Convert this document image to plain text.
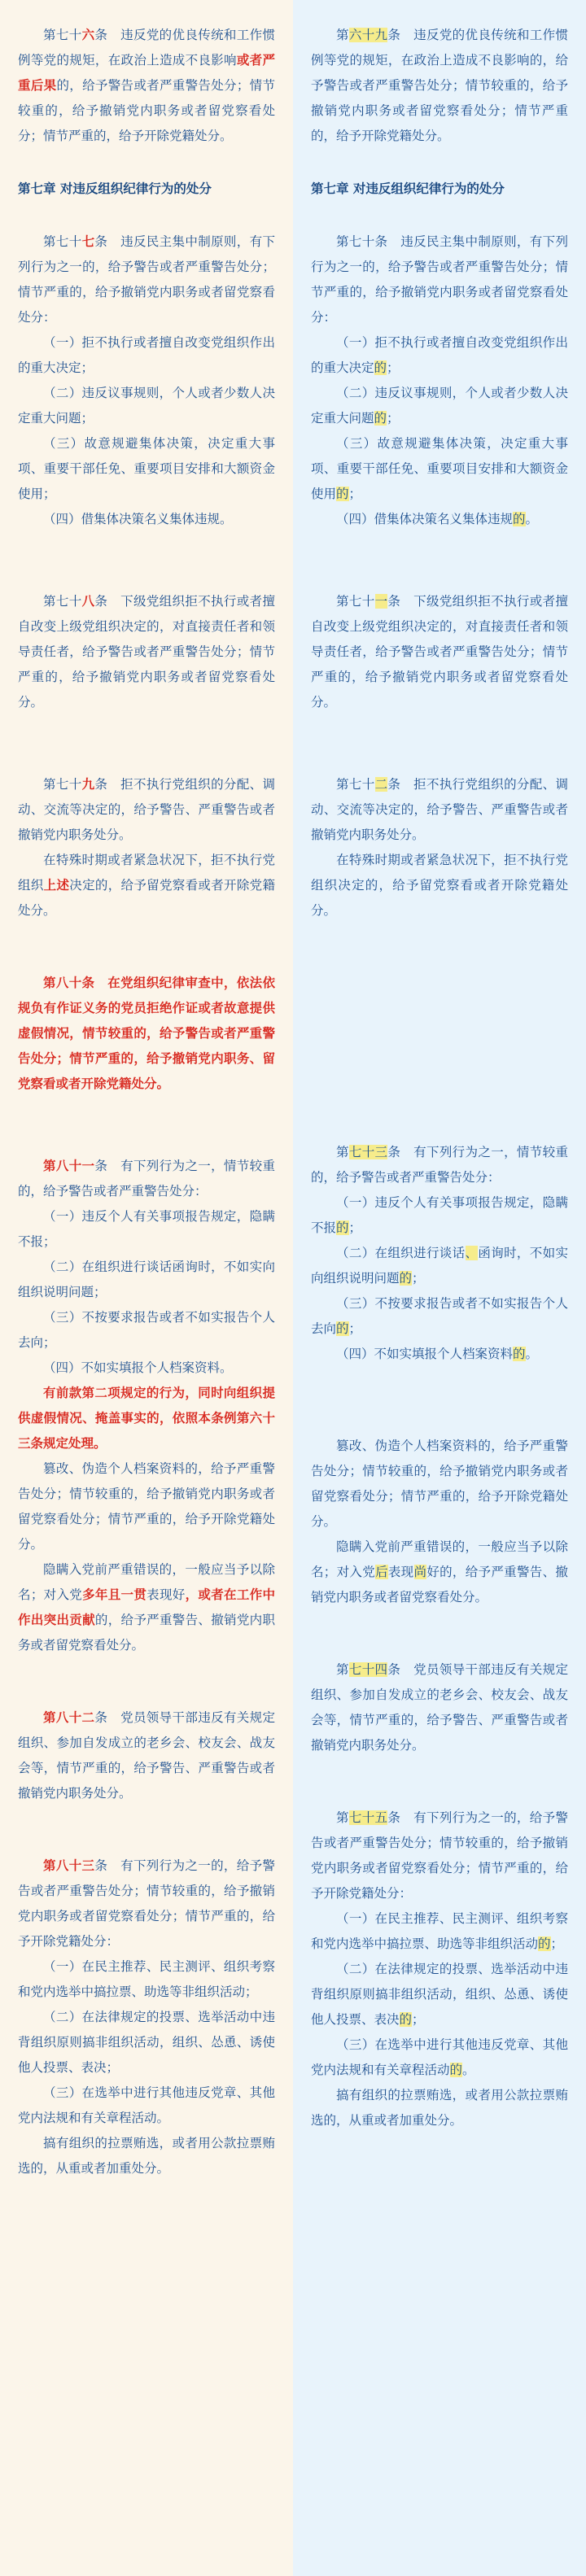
第七十六条　违反党的优良传统和工作惯例等党的规矩，在政治上造成不良影响或者严重后果的，给予警告或者严重警告处分；情节较重的，给予撤销党内职务或者留党察看处分；情节严重的，给予开除党籍处分。

第七章 对违反组织纪律行为的处分

第七十七条　违反民主集中制原则，有下列行为之一的，给予警告或者严重警告处分；情节严重的，给予撤销党内职务或者留党察看处分：

（一）拒不执行或者擅自改变党组织作出的重大决定；

（二）违反议事规则，个人或者少数人决定重大问题；

（三）故意规避集体决策，决定重大事项、重要干部任免、重要项目安排和大额资金使用；

（四）借集体决策名义集体违规。

第七十八条　下级党组织拒不执行或者擅自改变上级党组织决定的，对直接责任者和领导责任者，给予警告或者严重警告处分；情节严重的，给予撤销党内职务或者留党察看处分。

第七十九条　拒不执行党组织的分配、调动、交流等决定的，给予警告、严重警告或者撤销党内职务处分。

在特殊时期或者紧急状况下，拒不执行党组织上述决定的，给予留党察看或者开除党籍处分。

第八十条　在党组织纪律审查中，依法依规负有作证义务的党员拒绝作证或者故意提供虚假情况，情节较重的，给予警告或者严重警告处分；情节严重的，给予撤销党内职务、留党察看或者开除党籍处分。

第八十一条　有下列行为之一，情节较重的，给予警告或者严重警告处分：

（一）违反个人有关事项报告规定，隐瞒不报；

（二）在组织进行谈话函询时，不如实向组织说明问题；

（三）不按要求报告或者不如实报告个人去向；

（四）不如实填报个人档案资料。

有前款第二项规定的行为，同时向组织提供虚假情况、掩盖事实的，依照本条例第六十三条规定处理。

篡改、伪造个人档案资料的，给予严重警告处分；情节较重的，给予撤销党内职务或者留党察看处分；情节严重的，给予开除党籍处分。

隐瞒入党前严重错误的，一般应当予以除名；对入党多年且一贯表现好，或者在工作中作出突出贡献的，给予严重警告、撤销党内职务或者留党察看处分。

第八十二条　党员领导干部违反有关规定组织、参加自发成立的老乡会、校友会、战友会等，情节严重的，给予警告、严重警告或者撤销党内职务处分。

第八十三条　有下列行为之一的，给予警告或者严重警告处分；情节较重的，给予撤销党内职务或者留党察看处分；情节严重的，给予开除党籍处分：

（一）在民主推荐、民主测评、组织考察和党内选举中搞拉票、助选等非组织活动；

（二）在法律规定的投票、选举活动中违背组织原则搞非组织活动，组织、怂恿、诱使他人投票、表决；

（三）在选举中进行其他违反党章、其他党内法规和有关章程活动。

搞有组织的拉票贿选，或者用公款拉票贿选的，从重或者加重处分。

第六十九条　违反党的优良传统和工作惯例等党的规矩，在政治上造成不良影响的，给予警告或者严重警告处分；情节较重的，给予撤销党内职务或者留党察看处分；情节严重的，给予开除党籍处分。

第七章 对违反组织纪律行为的处分

第七十条　违反民主集中制原则，有下列行为之一的，给予警告或者严重警告处分；情节严重的，给予撤销党内职务或者留党察看处分：

（一）拒不执行或者擅自改变党组织作出的重大决定的；

（二）违反议事规则，个人或者少数人决定重大问题的；

（三）故意规避集体决策，决定重大事项、重要干部任免、重要项目安排和大额资金使用的；

（四）借集体决策名义集体违规的。

第七十一条　下级党组织拒不执行或者擅自改变上级党组织决定的，对直接责任者和领导责任者，给予警告或者严重警告处分；情节严重的，给予撤销党内职务或者留党察看处分。

第七十二条　拒不执行党组织的分配、调动、交流等决定的，给予警告、严重警告或者撤销党内职务处分。

在特殊时期或者紧急状况下，拒不执行党组织决定的，给予留党察看或者开除党籍处分。

第七十三条　有下列行为之一，情节较重的，给予警告或者严重警告处分：

（一）违反个人有关事项报告规定，隐瞒不报的；

（二）在组织进行谈话、函询时，不如实向组织说明问题的；

（三）不按要求报告或者不如实报告个人去向的；

（四）不如实填报个人档案资料的。

篡改、伪造个人档案资料的，给予严重警告处分；情节较重的，给予撤销党内职务或者留党察看处分；情节严重的，给予开除党籍处分。

隐瞒入党前严重错误的，一般应当予以除名；对入党后表现尚好的，给予严重警告、撤销党内职务或者留党察看处分。

第七十四条　党员领导干部违反有关规定组织、参加自发成立的老乡会、校友会、战友会等，情节严重的，给予警告、严重警告或者撤销党内职务处分。

第七十五条　有下列行为之一的，给予警告或者严重警告处分；情节较重的，给予撤销党内职务或者留党察看处分；情节严重的，给予开除党籍处分：

（一）在民主推荐、民主测评、组织考察和党内选举中搞拉票、助选等非组织活动的；

（二）在法律规定的投票、选举活动中违背组织原则搞非组织活动，组织、怂恿、诱使他人投票、表决的；

（三）在选举中进行其他违反党章、其他党内法规和有关章程活动的。

搞有组织的拉票贿选，或者用公款拉票贿选的，从重或者加重处分。
